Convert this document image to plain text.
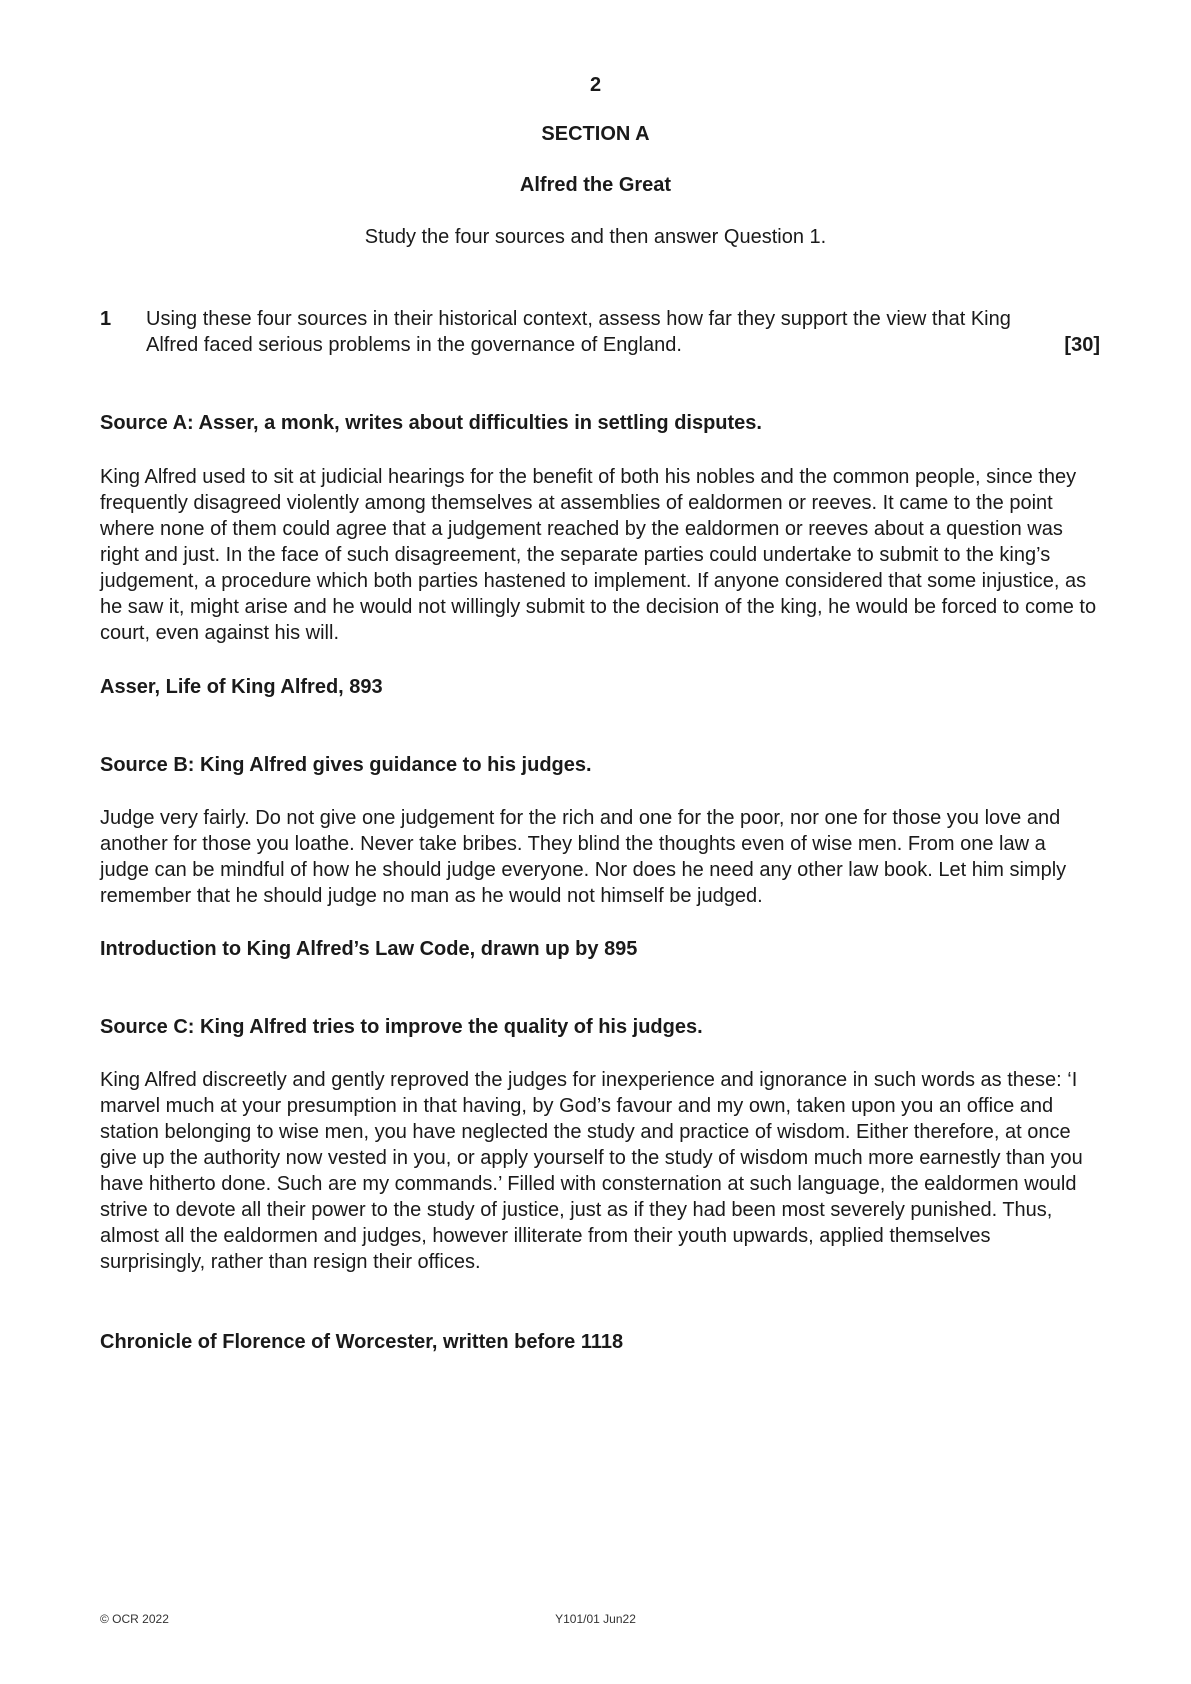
2
SECTION A
Alfred the Great
Study the four sources and then answer Question 1.
1 Using these four sources in their historical context, assess how far they support the view that King Alfred faced serious problems in the governance of England.	[30]
Source A: Asser, a monk, writes about difficulties in settling disputes.
King Alfred used to sit at judicial hearings for the benefit of both his nobles and the common people, since they frequently disagreed violently among themselves at assemblies of ealdormen or reeves. It came to the point where none of them could agree that a judgement reached by the ealdormen or reeves about a question was right and just. In the face of such disagreement, the separate parties could undertake to submit to the king’s judgement, a procedure which both parties hastened to implement. If anyone considered that some injustice, as he saw it, might arise and he would not willingly submit to the decision of the king, he would be forced to come to court, even against his will.
Asser, Life of King Alfred, 893
Source B: King Alfred gives guidance to his judges.
Judge very fairly. Do not give one judgement for the rich and one for the poor, nor one for those you love and another for those you loathe. Never take bribes. They blind the thoughts even of wise men. From one law a judge can be mindful of how he should judge everyone. Nor does he need any other law book. Let him simply remember that he should judge no man as he would not himself be judged.
Introduction to King Alfred’s Law Code, drawn up by 895
Source C: King Alfred tries to improve the quality of his judges.
King Alfred discreetly and gently reproved the judges for inexperience and ignorance in such words as these: ‘I marvel much at your presumption in that having, by God’s favour and my own, taken upon you an office and station belonging to wise men, you have neglected the study and practice of wisdom. Either therefore, at once give up the authority now vested in you, or apply yourself to the study of wisdom much more earnestly than you have hitherto done. Such are my commands.’ Filled with consternation at such language, the ealdormen would strive to devote all their power to the study of justice, just as if they had been most severely punished. Thus, almost all the ealdormen and judges, however illiterate from their youth upwards, applied themselves surprisingly, rather than resign their offices.
Chronicle of Florence of Worcester, written before 1118
© OCR 2022	Y101/01 Jun22
